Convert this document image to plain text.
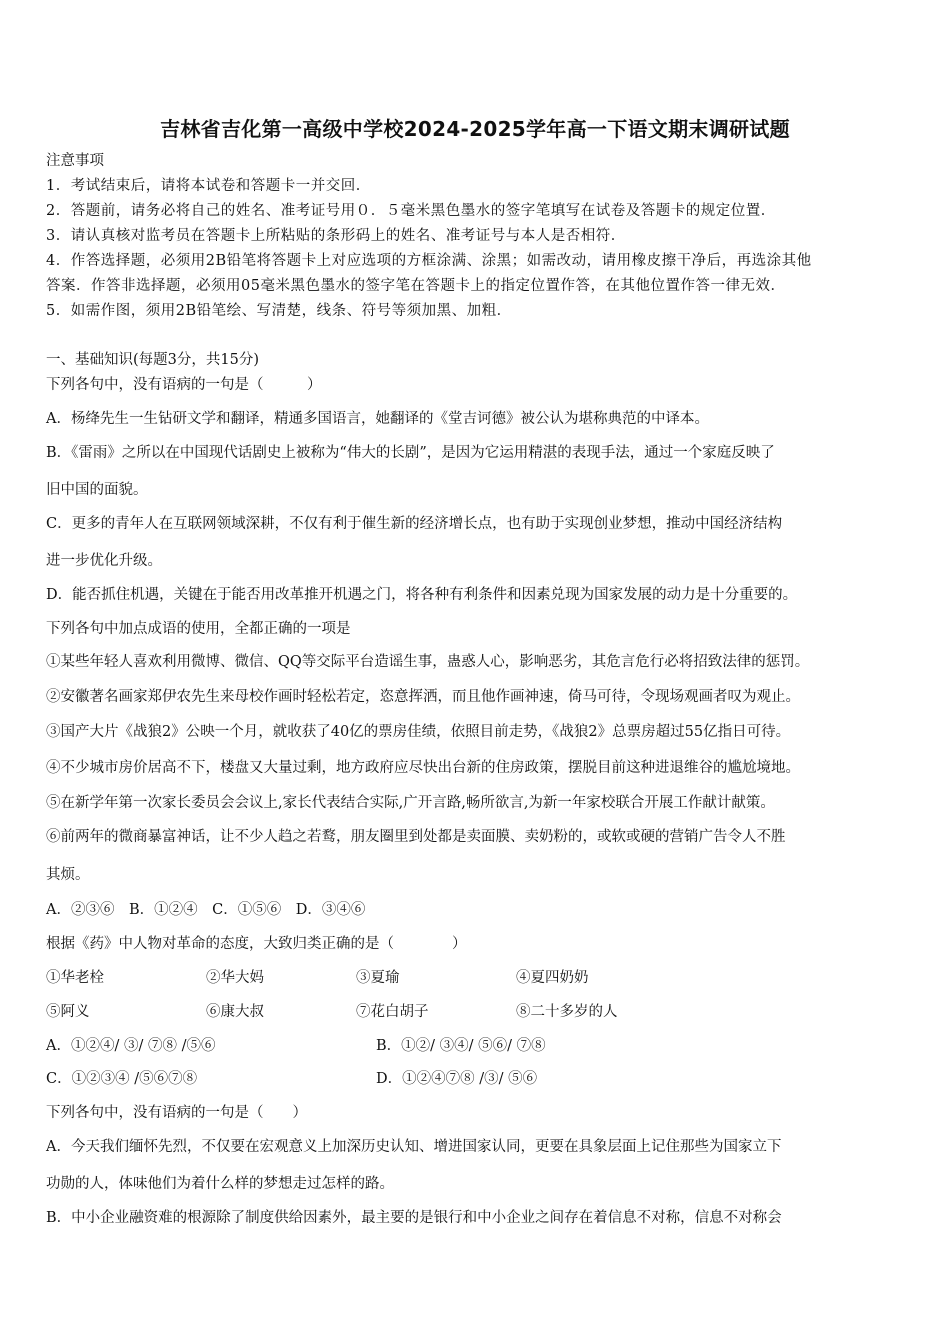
吉林省吉化第一高级中学校2024-2025学年高一下语文期末调研试题
注意事项
1．考试结束后，请将本试卷和答题卡一并交回．
2．答题前，请务必将自己的姓名、准考证号用０．５毫米黑色墨水的签字笔填写在试卷及答题卡的规定位置．
3．请认真核对监考员在答题卡上所粘贴的条形码上的姓名、准考证号与本人是否相符．
4．作答选择题，必须用2B铅笔将答题卡上对应选项的方框涂满、涂黑；如需改动，请用橡皮擦干净后，再选涂其他
答案．作答非选择题，必须用05毫米黑色墨水的签字笔在答题卡上的指定位置作答，在其他位置作答一律无效．
5．如需作图，须用2B铅笔绘、写清楚，线条、符号等须加黑、加粗．
一、基础知识(每题3分，共15分)
下列各句中，没有语病的一句是（　　　）
A．杨绛先生一生钻研文学和翻译，精通多国语言，她翻译的《堂吉诃德》被公认为堪称典范的中译本。
B．《雷雨》之所以在中国现代话剧史上被称为“伟大的长剧”，是因为它运用精湛的表现手法，通过一个家庭反映了
旧中国的面貌。
C．更多的青年人在互联网领域深耕，不仅有利于催生新的经济增长点，也有助于实现创业梦想，推动中国经济结构
进一步优化升级。
D．能否抓住机遇，关键在于能否用改革推开机遇之门，将各种有利条件和因素兑现为国家发展的动力是十分重要的。
下列各句中加点成语的使用，全都正确的一项是
①某些年轻人喜欢利用微博、微信、QQ等交际平台造谣生事，蛊惑人心，影响恶劣，其危言危行必将招致法律的惩罚。
②安徽著名画家郑伊农先生来母校作画时轻松若定，恣意挥洒，而且他作画神速，倚马可待，令现场观画者叹为观止。
③国产大片《战狼2》公映一个月，就收获了40亿的票房佳绩，依照目前走势，《战狼2》总票房超过55亿指日可待。
④不少城市房价居高不下，楼盘又大量过剩，地方政府应尽快出台新的住房政策，摆脱目前这种进退维谷的尴尬境地。
⑤在新学年第一次家长委员会会议上,家长代表结合实际,广开言路,畅所欲言,为新一年家校联合开展工作献计献策。
⑥前两年的微商暴富神话，让不少人趋之若鹜，朋友圈里到处都是卖面膜、卖奶粉的，或软或硬的营销广告令人不胜
其烦。
A．②③⑥　B．①②④　C．①⑤⑥　D．③④⑥
根据《药》中人物对革命的态度，大致归类正确的是（　　　　）
①华老栓	②华大妈	③夏瑜	④夏四奶奶
⑤阿义	⑥康大叔	⑦花白胡子	⑧二十多岁的人
A．①②④/ ③/ ⑦⑧ /⑤⑥	B．①②/ ③④/ ⑤⑥/ ⑦⑧
C．①②③④ /⑤⑥⑦⑧	D．①②④⑦⑧ /③/ ⑤⑥
下列各句中，没有语病的一句是（　　）
A．今天我们缅怀先烈，不仅要在宏观意义上加深历史认知、增进国家认同，更要在具象层面上记住那些为国家立下
功勋的人，体味他们为着什么样的梦想走过怎样的路。
B．中小企业融资难的根源除了制度供给因素外，最主要的是银行和中小企业之间存在着信息不对称，信息不对称会
